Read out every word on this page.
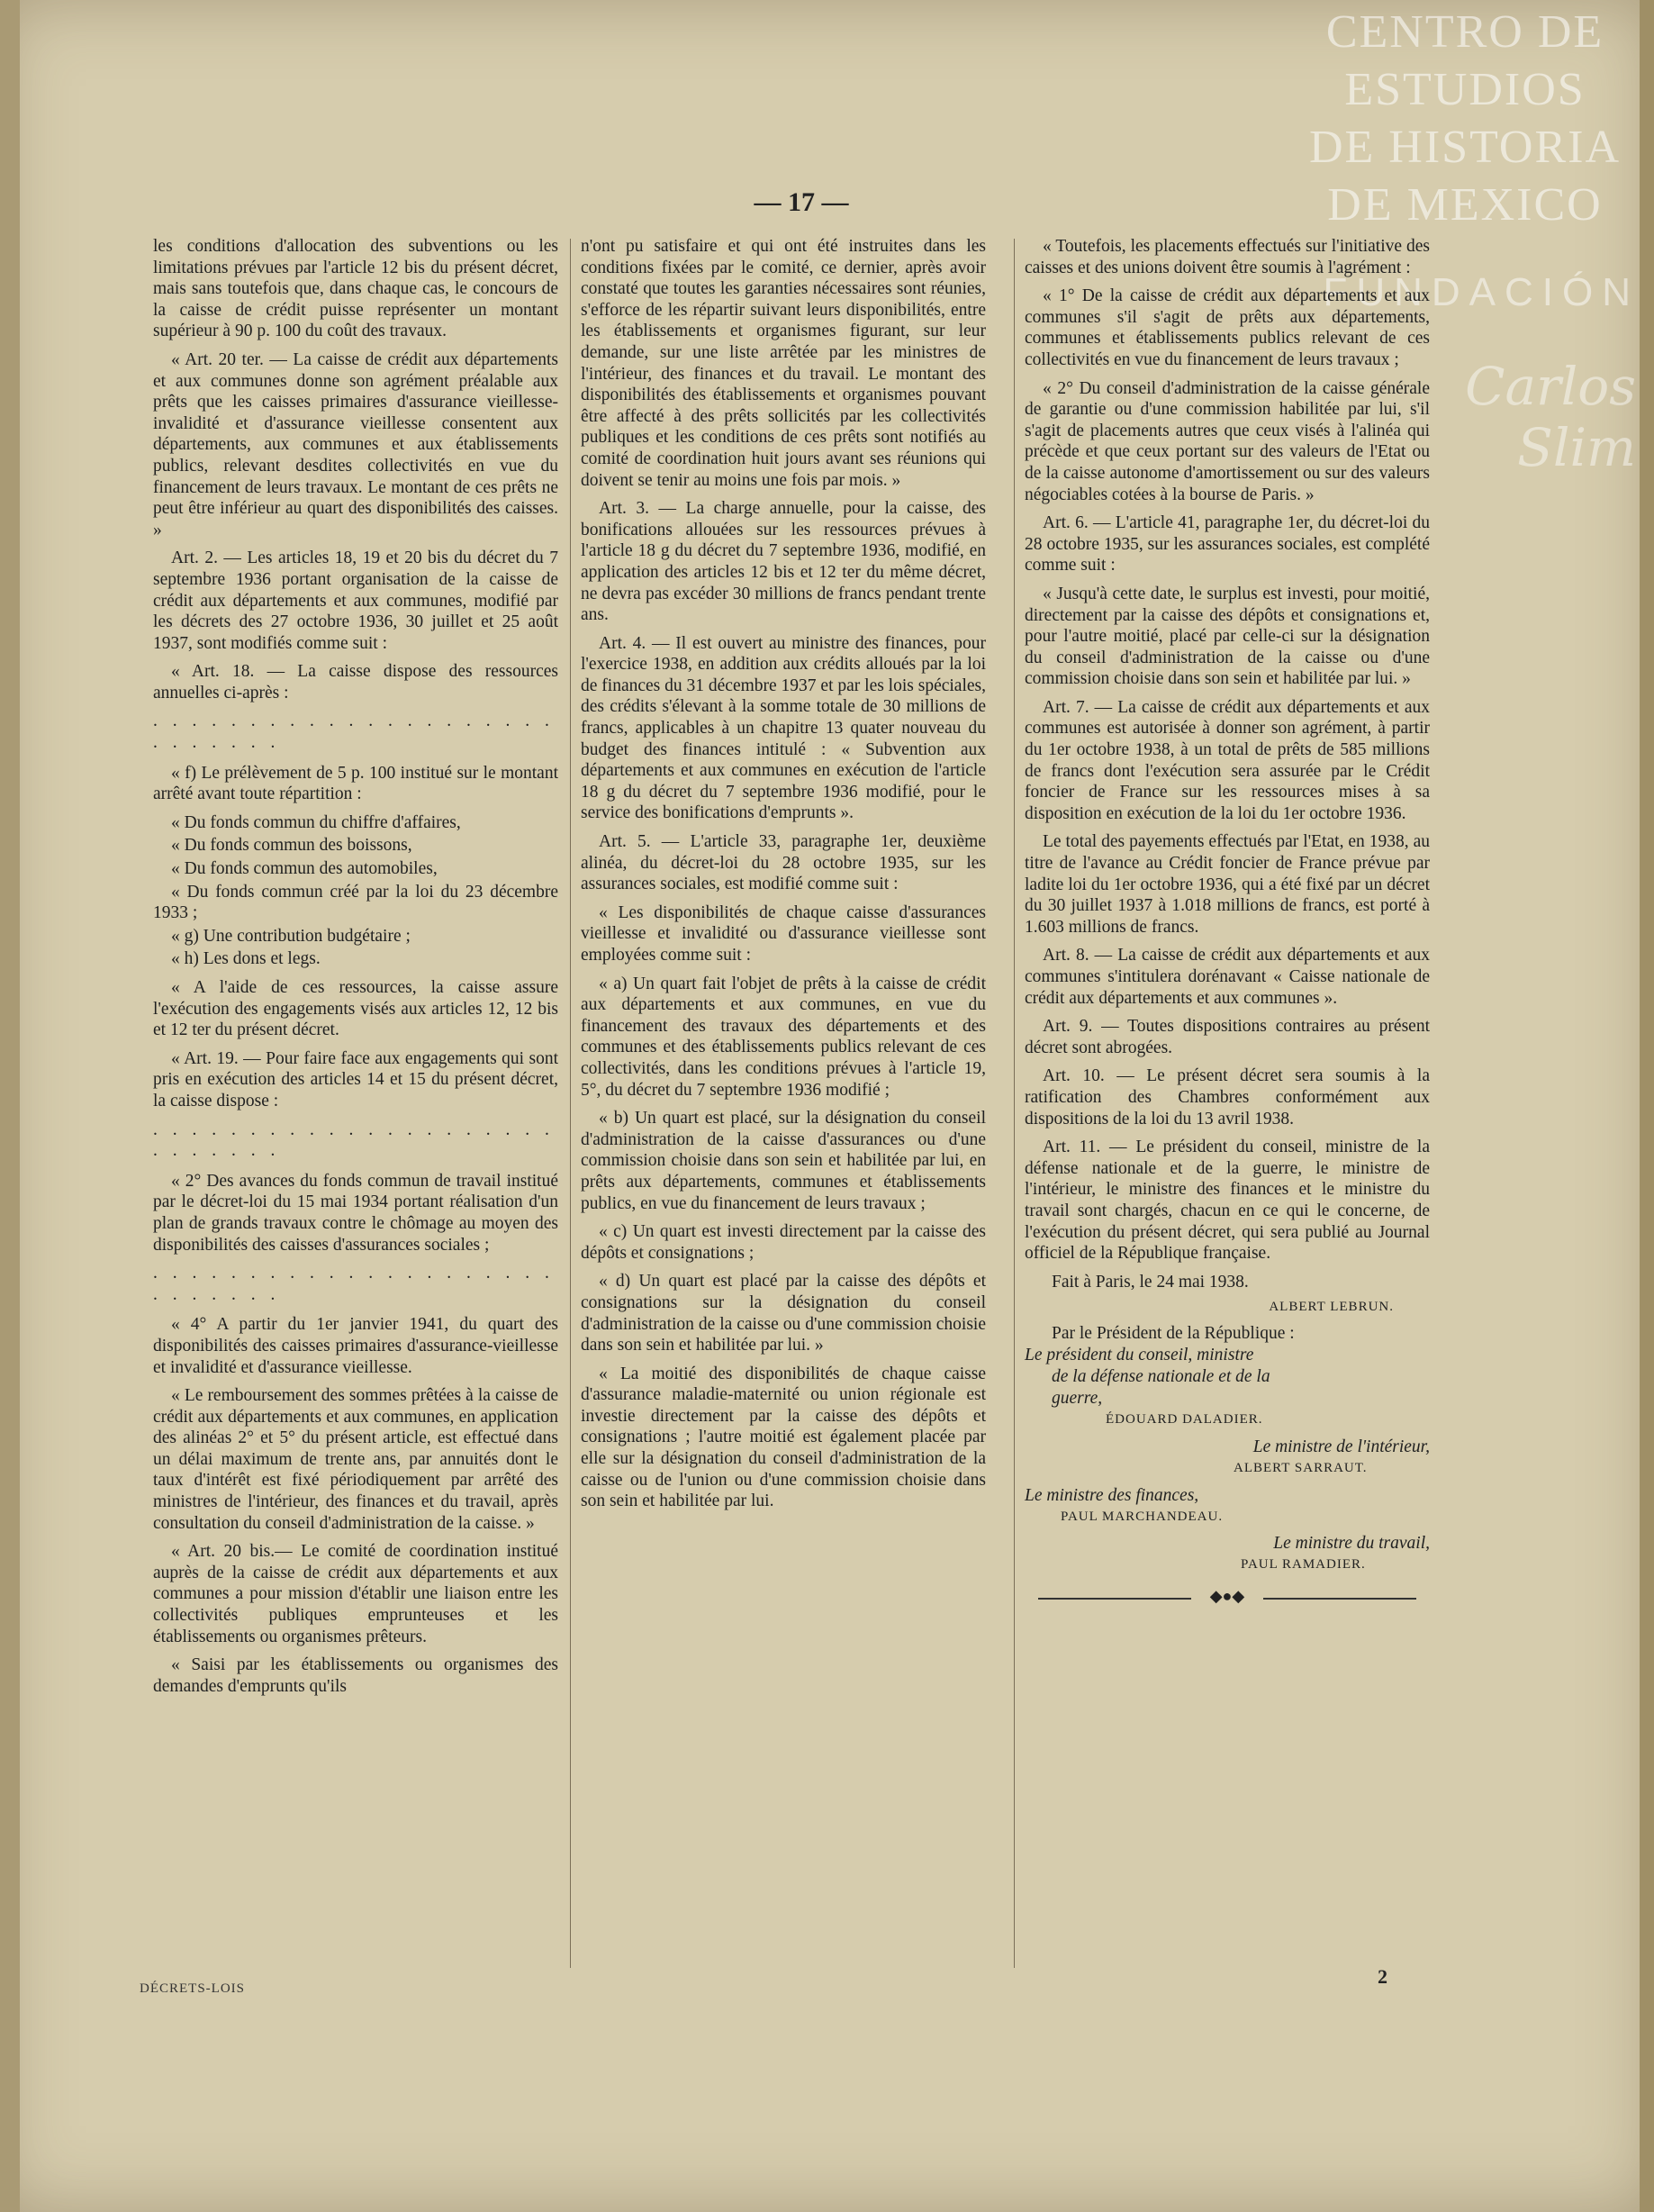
CENTRO DE
ESTUDIOS
DE HISTORIA
DE MEXICO
FUNDACIÓN
Carlos Slim
— 17 —

les conditions d'allocation des subventions ou les limitations prévues par l'article 12 bis du présent décret, mais sans toutefois que, dans chaque cas, le concours de la caisse de crédit puisse représenter un montant supérieur à 90 p. 100 du coût des travaux.

« Art. 20 ter. — La caisse de crédit aux départements et aux communes donne son agrément préalable aux prêts que les caisses primaires d'assurance vieillesse-invalidité et d'assurance vieillesse consentent aux départements, aux communes et aux établissements publics, relevant desdites collectivités en vue du financement de leurs travaux. Le montant de ces prêts ne peut être inférieur au quart des disponibilités des caisses. »

Art. 2. — Les articles 18, 19 et 20 bis du décret du 7 septembre 1936 portant organisation de la caisse de crédit aux départements et aux communes, modifié par les décrets des 27 octobre 1936, 30 juillet et 25 août 1937, sont modifiés comme suit :

« Art. 18. — La caisse dispose des ressources annuelles ci-après :

. . . . . . . . . . . . . . . . . . . . . . . . . . . .

« f) Le prélèvement de 5 p. 100 institué sur le montant arrêté avant toute répartition :

« Du fonds commun du chiffre d'affaires,

« Du fonds commun des boissons,

« Du fonds commun des automobiles,

« Du fonds commun créé par la loi du 23 décembre 1933 ;

« g) Une contribution budgétaire ;

« h) Les dons et legs.

« A l'aide de ces ressources, la caisse assure l'exécution des engagements visés aux articles 12, 12 bis et 12 ter du présent décret.

« Art. 19. — Pour faire face aux engagements qui sont pris en exécution des articles 14 et 15 du présent décret, la caisse dispose :

. . . . . . . . . . . . . . . . . . . . . . . . . . . .

« 2° Des avances du fonds commun de travail institué par le décret-loi du 15 mai 1934 portant réalisation d'un plan de grands travaux contre le chômage au moyen des disponibilités des caisses d'assurances sociales ;

. . . . . . . . . . . . . . . . . . . . . . . . . . . .

« 4° A partir du 1er janvier 1941, du quart des disponibilités des caisses primaires d'assurance-vieillesse et invalidité et d'assurance vieillesse.

« Le remboursement des sommes prêtées à la caisse de crédit aux départements et aux communes, en application des alinéas 2° et 5° du présent article, est effectué dans un délai maximum de trente ans, par annuités dont le taux d'intérêt est fixé périodiquement par arrêté des ministres de l'intérieur, des finances et du travail, après consultation du conseil d'administration de la caisse. »

« Art. 20 bis.— Le comité de coordination institué auprès de la caisse de crédit aux départements et aux communes a pour mission d'établir une liaison entre les collectivités publiques emprunteuses et les établissements ou organismes prêteurs.

« Saisi par les établissements ou organismes des demandes d'emprunts qu'ils

n'ont pu satisfaire et qui ont été instruites dans les conditions fixées par le comité, ce dernier, après avoir constaté que toutes les garanties nécessaires sont réunies, s'efforce de les répartir suivant leurs disponibilités, entre les établissements et organismes figurant, sur leur demande, sur une liste arrêtée par les ministres de l'intérieur, des finances et du travail. Le montant des disponibilités des établissements et organismes pouvant être affecté à des prêts sollicités par les collectivités publiques et les conditions de ces prêts sont notifiés au comité de coordination huit jours avant ses réunions qui doivent se tenir au moins une fois par mois. »

Art. 3. — La charge annuelle, pour la caisse, des bonifications allouées sur les ressources prévues à l'article 18 g du décret du 7 septembre 1936, modifié, en application des articles 12 bis et 12 ter du même décret, ne devra pas excéder 30 millions de francs pendant trente ans.

Art. 4. — Il est ouvert au ministre des finances, pour l'exercice 1938, en addition aux crédits alloués par la loi de finances du 31 décembre 1937 et par les lois spéciales, des crédits s'élevant à la somme totale de 30 millions de francs, applicables à un chapitre 13 quater nouveau du budget des finances intitulé : « Subvention aux départements et aux communes en exécution de l'article 18 g du décret du 7 septembre 1936 modifié, pour le service des bonifications d'emprunts ».

Art. 5. — L'article 33, paragraphe 1er, deuxième alinéa, du décret-loi du 28 octobre 1935, sur les assurances sociales, est modifié comme suit :

« Les disponibilités de chaque caisse d'assurances vieillesse et invalidité ou d'assurance vieillesse sont employées comme suit :

« a) Un quart fait l'objet de prêts à la caisse de crédit aux départements et aux communes, en vue du financement des travaux des départements et des communes et des établissements publics relevant de ces collectivités, dans les conditions prévues à l'article 19, 5°, du décret du 7 septembre 1936 modifié ;

« b) Un quart est placé, sur la désignation du conseil d'administration de la caisse d'assurances ou d'une commission choisie dans son sein et habilitée par lui, en prêts aux départements, communes et établissements publics, en vue du financement de leurs travaux ;

« c) Un quart est investi directement par la caisse des dépôts et consignations ;

« d) Un quart est placé par la caisse des dépôts et consignations sur la désignation du conseil d'administration de la caisse ou d'une commission choisie dans son sein et habilitée par lui. »

« La moitié des disponibilités de chaque caisse d'assurance maladie-maternité ou union régionale est investie directement par la caisse des dépôts et consignations ; l'autre moitié est également placée par elle sur la désignation du conseil d'administration de la caisse ou de l'union ou d'une commission choisie dans son sein et habilitée par lui.

« Toutefois, les placements effectués sur l'initiative des caisses et des unions doivent être soumis à l'agrément :

« 1° De la caisse de crédit aux départements et aux communes s'il s'agit de prêts aux départements, communes et établissements publics relevant de ces collectivités en vue du financement de leurs travaux ;

« 2° Du conseil d'administration de la caisse générale de garantie ou d'une commission habilitée par lui, s'il s'agit de placements autres que ceux visés à l'alinéa qui précède et que ceux portant sur des valeurs de l'Etat ou de la caisse autonome d'amortissement ou sur des valeurs négociables cotées à la bourse de Paris. »

Art. 6. — L'article 41, paragraphe 1er, du décret-loi du 28 octobre 1935, sur les assurances sociales, est complété comme suit :

« Jusqu'à cette date, le surplus est investi, pour moitié, directement par la caisse des dépôts et consignations et, pour l'autre moitié, placé par celle-ci sur la désignation du conseil d'administration de la caisse ou d'une commission choisie dans son sein et habilitée par lui. »

Art. 7. — La caisse de crédit aux départements et aux communes est autorisée à donner son agrément, à partir du 1er octobre 1938, à un total de prêts de 585 millions de francs dont l'exécution sera assurée par le Crédit foncier de France sur les ressources mises à sa disposition en exécution de la loi du 1er octobre 1936.

Le total des payements effectués par l'Etat, en 1938, au titre de l'avance au Crédit foncier de France prévue par ladite loi du 1er octobre 1936, qui a été fixé par un décret du 30 juillet 1937 à 1.018 millions de francs, est porté à 1.603 millions de francs.

Art. 8. — La caisse de crédit aux départements et aux communes s'intitulera dorénavant « Caisse nationale de crédit aux départements et aux communes ».

Art. 9. — Toutes dispositions contraires au présent décret sont abrogées.

Art. 10. — Le présent décret sera soumis à la ratification des Chambres conformément aux dispositions de la loi du 13 avril 1938.

Art. 11. — Le président du conseil, ministre de la défense nationale et de la guerre, le ministre de l'intérieur, le ministre des finances et le ministre du travail sont chargés, chacun en ce qui le concerne, de l'exécution du présent décret, qui sera publié au Journal officiel de la République française.

Fait à Paris, le 24 mai 1938.
ALBERT LEBRUN.
Par le Président de la République :
Le président du conseil, ministre
de la défense nationale et de la
guerre,
ÉDOUARD DALADIER.
Le ministre de l'intérieur,
ALBERT SARRAUT.
Le ministre des finances,
PAUL MARCHANDEAU.
Le ministre du travail,
PAUL RAMADIER.
◆●◆
DÉCRETS-LOIS
2
